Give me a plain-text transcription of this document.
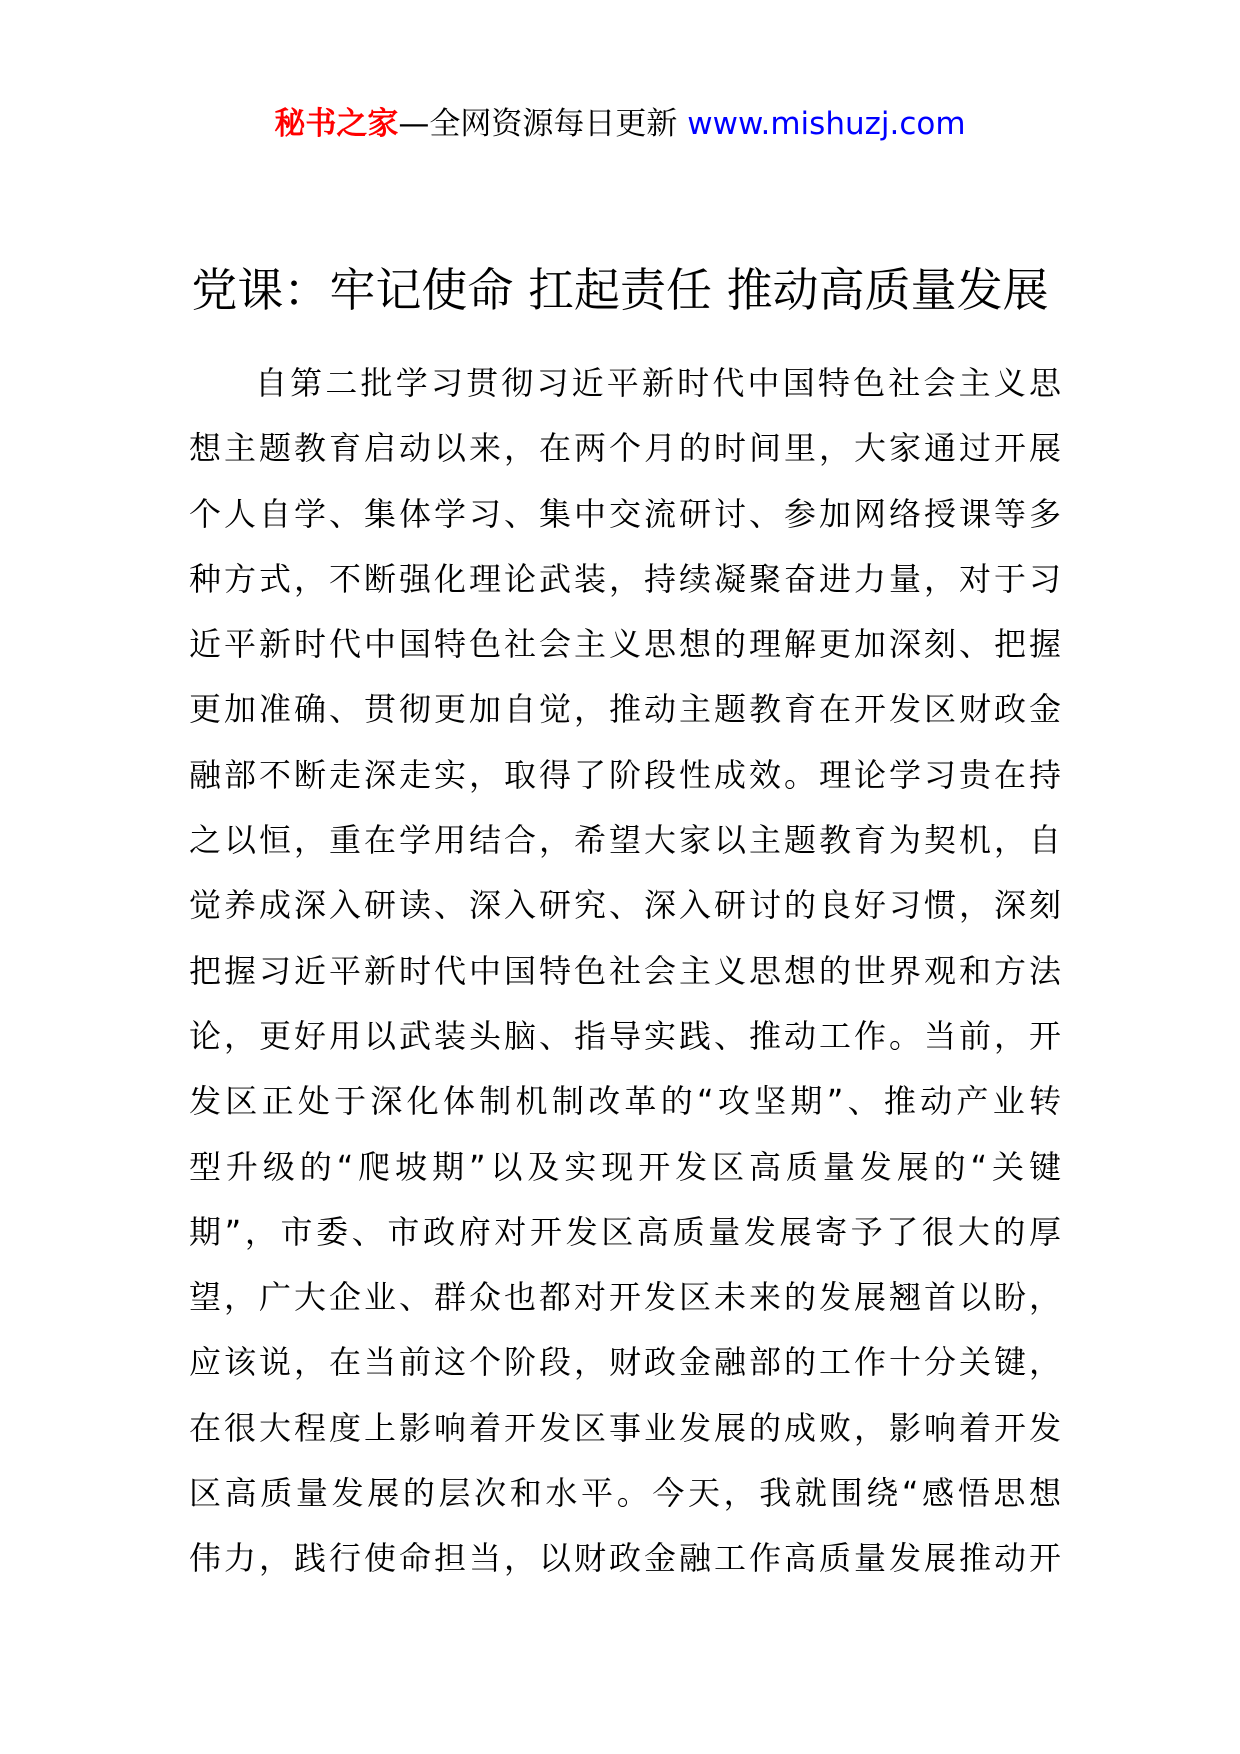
秘书之家—全网资源每日更新 www.mishuzj.com
党课：牢记使命 扛起责任 推动高质量发展
自第二批学习贯彻习近平新时代中国特色社会主义思
想主题教育启动以来，在两个月的时间里，大家通过开展
个人自学、集体学习、集中交流研讨、参加网络授课等多
种方式，不断强化理论武装，持续凝聚奋进力量，对于习
近平新时代中国特色社会主义思想的理解更加深刻、把握
更加准确、贯彻更加自觉，推动主题教育在开发区财政金
融部不断走深走实，取得了阶段性成效。理论学习贵在持
之以恒，重在学用结合，希望大家以主题教育为契机，自
觉养成深入研读、深入研究、深入研讨的良好习惯，深刻
把握习近平新时代中国特色社会主义思想的世界观和方法
论，更好用以武装头脑、指导实践、推动工作。当前，开
发区正处于深化体制机制改革的“攻坚期”、推动产业转
型升级的“爬坡期”以及实现开发区高质量发展的“关键
期”，市委、市政府对开发区高质量发展寄予了很大的厚
望，广大企业、群众也都对开发区未来的发展翘首以盼，
应该说，在当前这个阶段，财政金融部的工作十分关键，
在很大程度上影响着开发区事业发展的成败，影响着开发
区高质量发展的层次和水平。今天，我就围绕“感悟思想
伟力，践行使命担当，以财政金融工作高质量发展推动开
